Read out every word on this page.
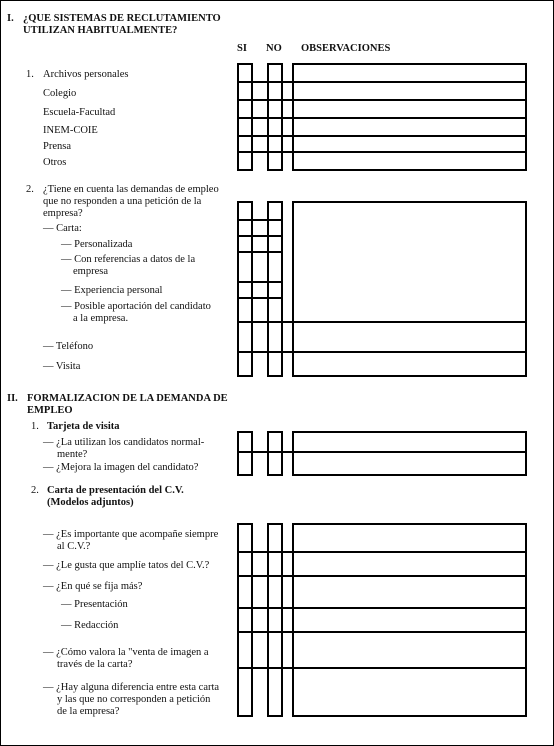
I. ¿QUE SISTEMAS DE RECLUTAMIENTO
UTILIZAN HABITUALMENTE?
SI NO OBSERVACIONES
1. Archivos personales
Colegio
Escuela-Facultad
INEM-COIE
Prensa
Otros
2. ¿Tiene en cuenta las demandas de empleo
que no responden a una petición de la
empresa?
— Carta:
— Personalizada
— Con referencias a datos de la
empresa
— Experiencia personal
— Posible aportación del candidato
a la empresa.
— Teléfono
— Visita
II. FORMALIZACION DE LA DEMANDA DE
EMPLEO
1. Tarjeta de visita
— ¿La utilizan los candidatos normal-
mente?
— ¿Mejora la imagen del candidato?
2. Carta de presentación del C.V.
(Modelos adjuntos)
— ¿Es importante que acompañe siempre
al C.V.?
— ¿Le gusta que amplíe tatos del C.V.?
— ¿En qué se fija más?
— Presentación
— Redacción
— ¿Cómo valora la "venta de imagen a
través de la carta?
— ¿Hay alguna diferencia entre esta carta
y las que no corresponden a petición
de la empresa?
